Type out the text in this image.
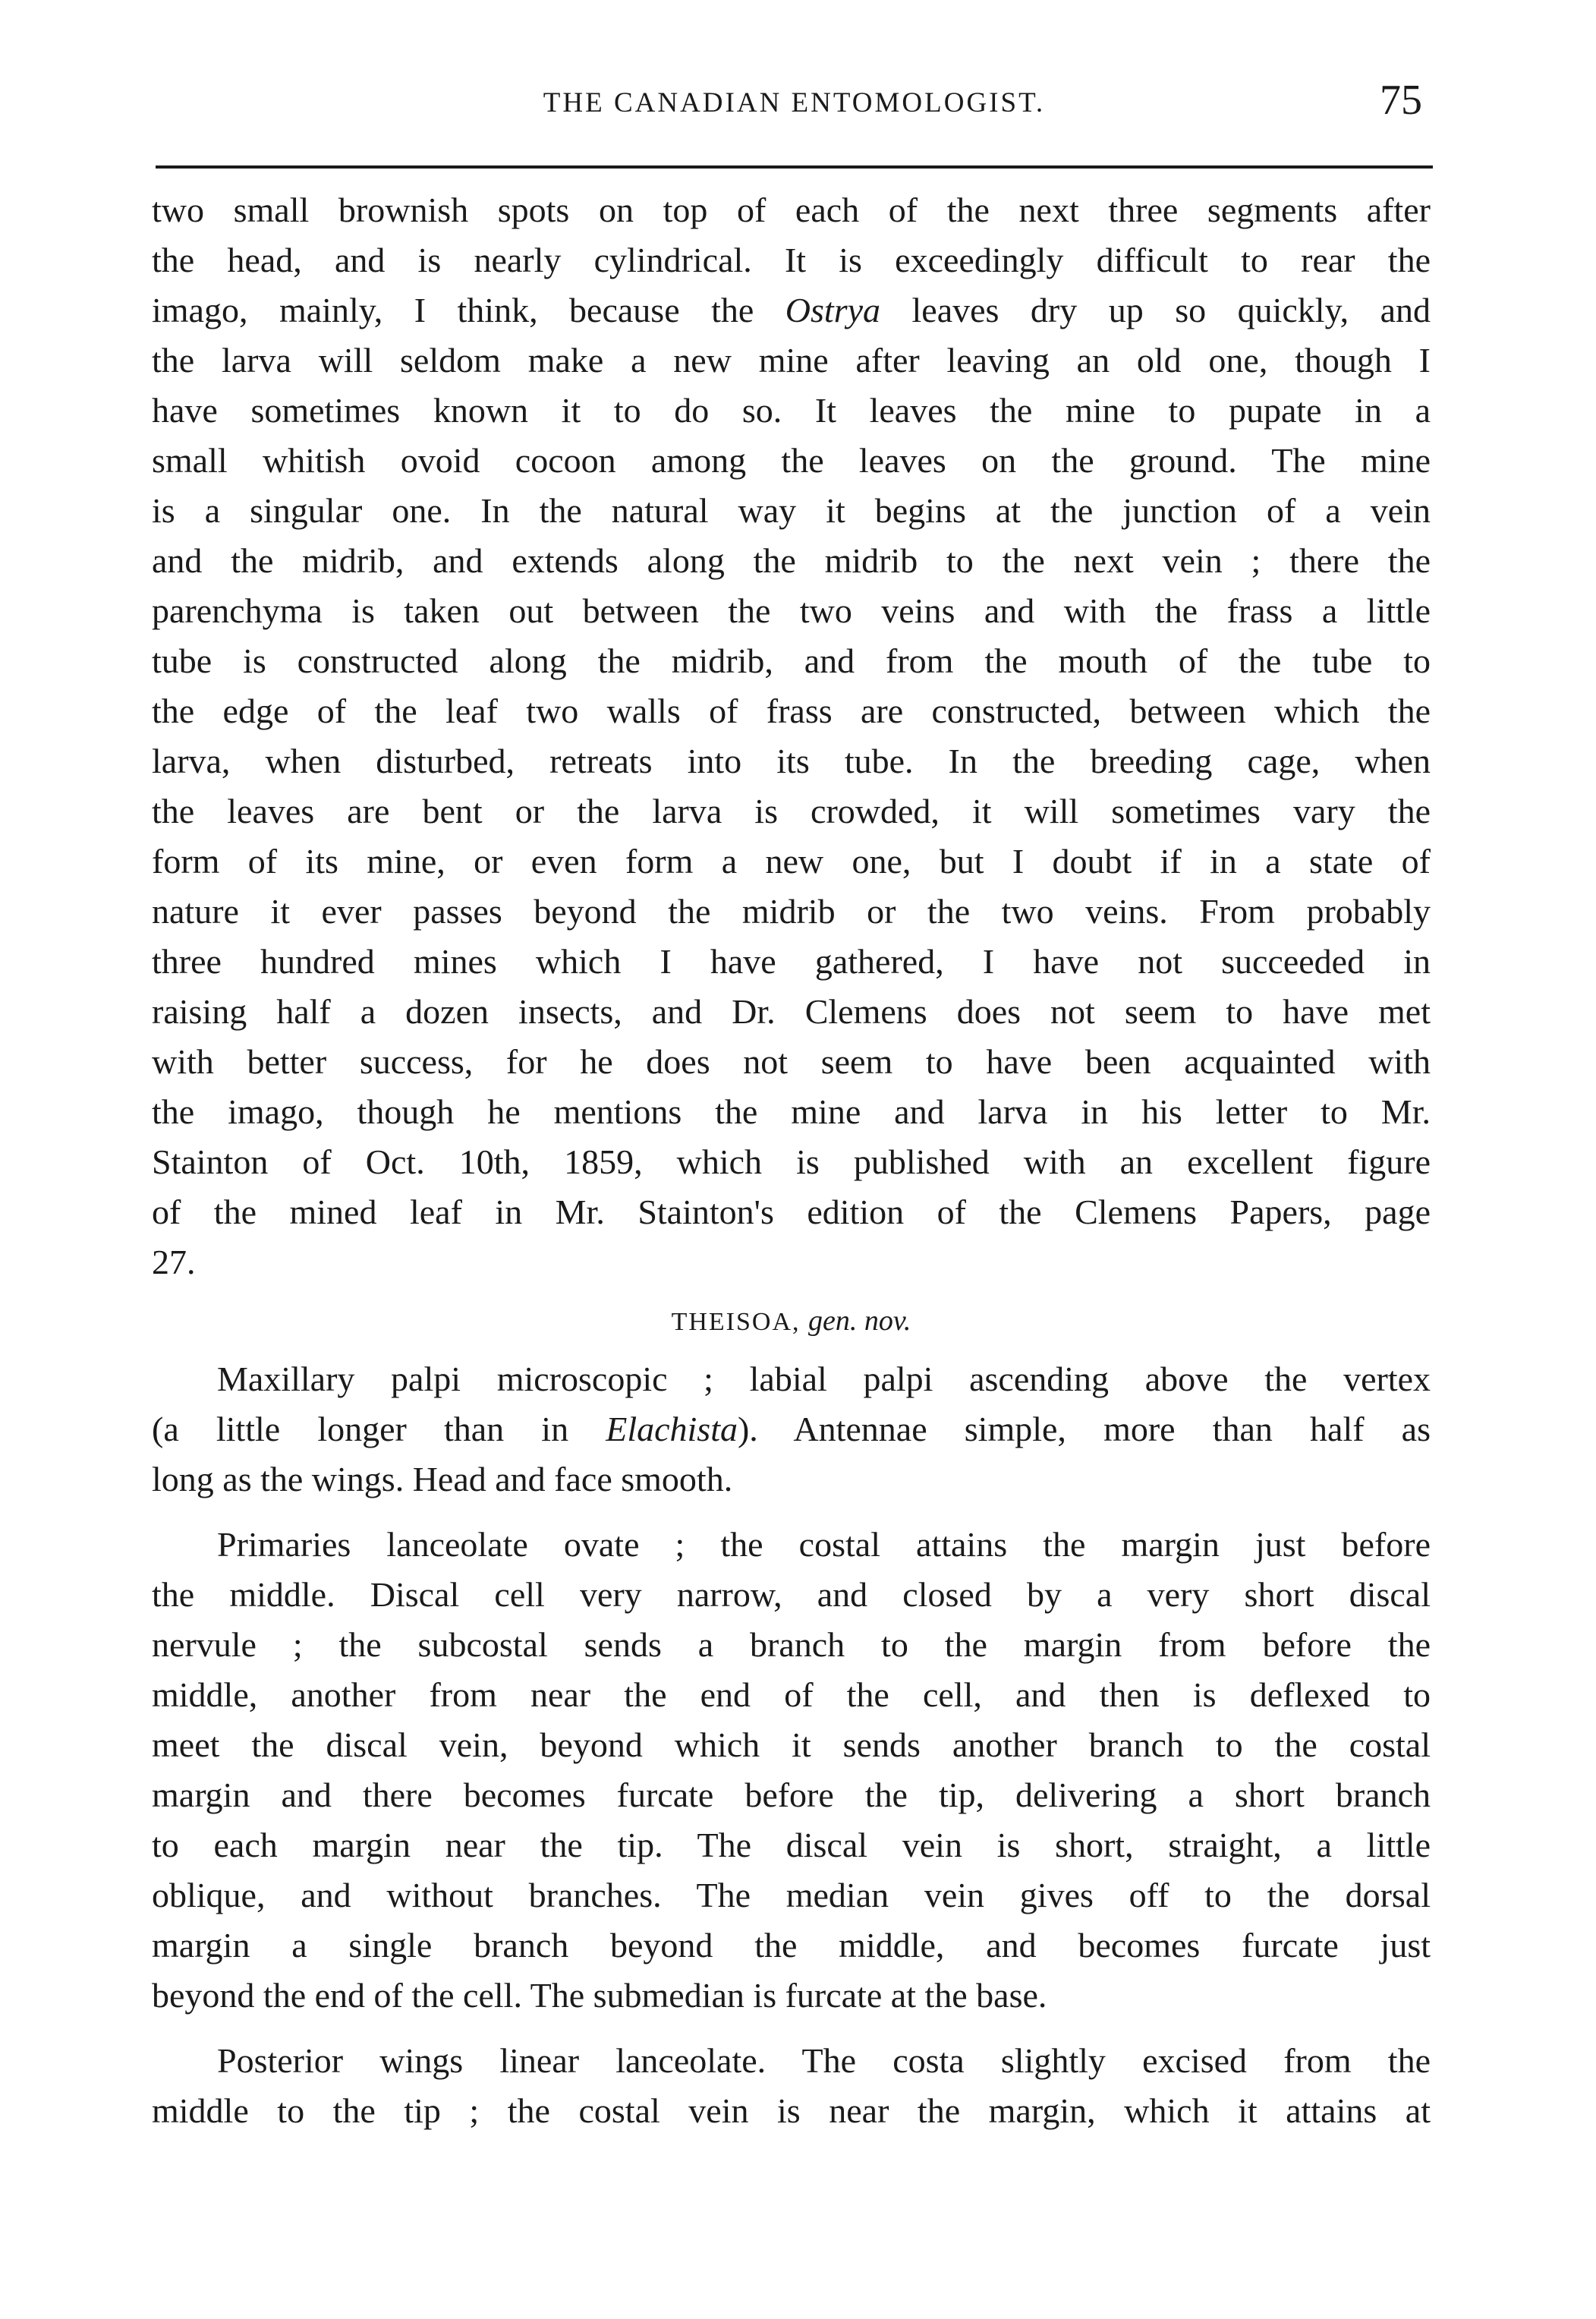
THE CANADIAN ENTOMOLOGIST.	75
two small brownish spots on top of each of the next three segments after
the head, and is nearly cylindrical. It is exceedingly difficult to rear the
imago, mainly, I think, because the Ostrya leaves dry up so quickly, and
the larva will seldom make a new mine after leaving an old one, though I
have sometimes known it to do so. It leaves the mine to pupate in a
small whitish ovoid cocoon among the leaves on the ground. The mine
is a singular one. In the natural way it begins at the junction of a vein
and the midrib, and extends along the midrib to the next vein ; there the
parenchyma is taken out between the two veins and with the frass a little
tube is constructed along the midrib, and from the mouth of the tube to
the edge of the leaf two walls of frass are constructed, between which the
larva, when disturbed, retreats into its tube. In the breeding cage, when
the leaves are bent or the larva is crowded, it will sometimes vary the
form of its mine, or even form a new one, but I doubt if in a state of
nature it ever passes beyond the midrib or the two veins. From probably
three hundred mines which I have gathered, I have not succeeded in
raising half a dozen insects, and Dr. Clemens does not seem to have met
with better success, for he does not seem to have been acquainted with
the imago, though he mentions the mine and larva in his letter to Mr.
Stainton of Oct. 10th, 1859, which is published with an excellent figure
of the mined leaf in Mr. Stainton's edition of the Clemens Papers, page
27.
THEISOA, gen. nov.
Maxillary palpi microscopic ; labial palpi ascending above the vertex
(a little longer than in Elachista). Antennae simple, more than half as
long as the wings. Head and face smooth.
Primaries lanceolate ovate ; the costal attains the margin just before
the middle. Discal cell very narrow, and closed by a very short discal
nervule ; the subcostal sends a branch to the margin from before the
middle, another from near the end of the cell, and then is deflexed to
meet the discal vein, beyond which it sends another branch to the costal
margin and there becomes furcate before the tip, delivering a short branch
to each margin near the tip. The discal vein is short, straight, a little
oblique, and without branches. The median vein gives off to the dorsal
margin a single branch beyond the middle, and becomes furcate just
beyond the end of the cell. The submedian is furcate at the base.
Posterior wings linear lanceolate. The costa slightly excised from the
middle to the tip ; the costal vein is near the margin, which it attains at
